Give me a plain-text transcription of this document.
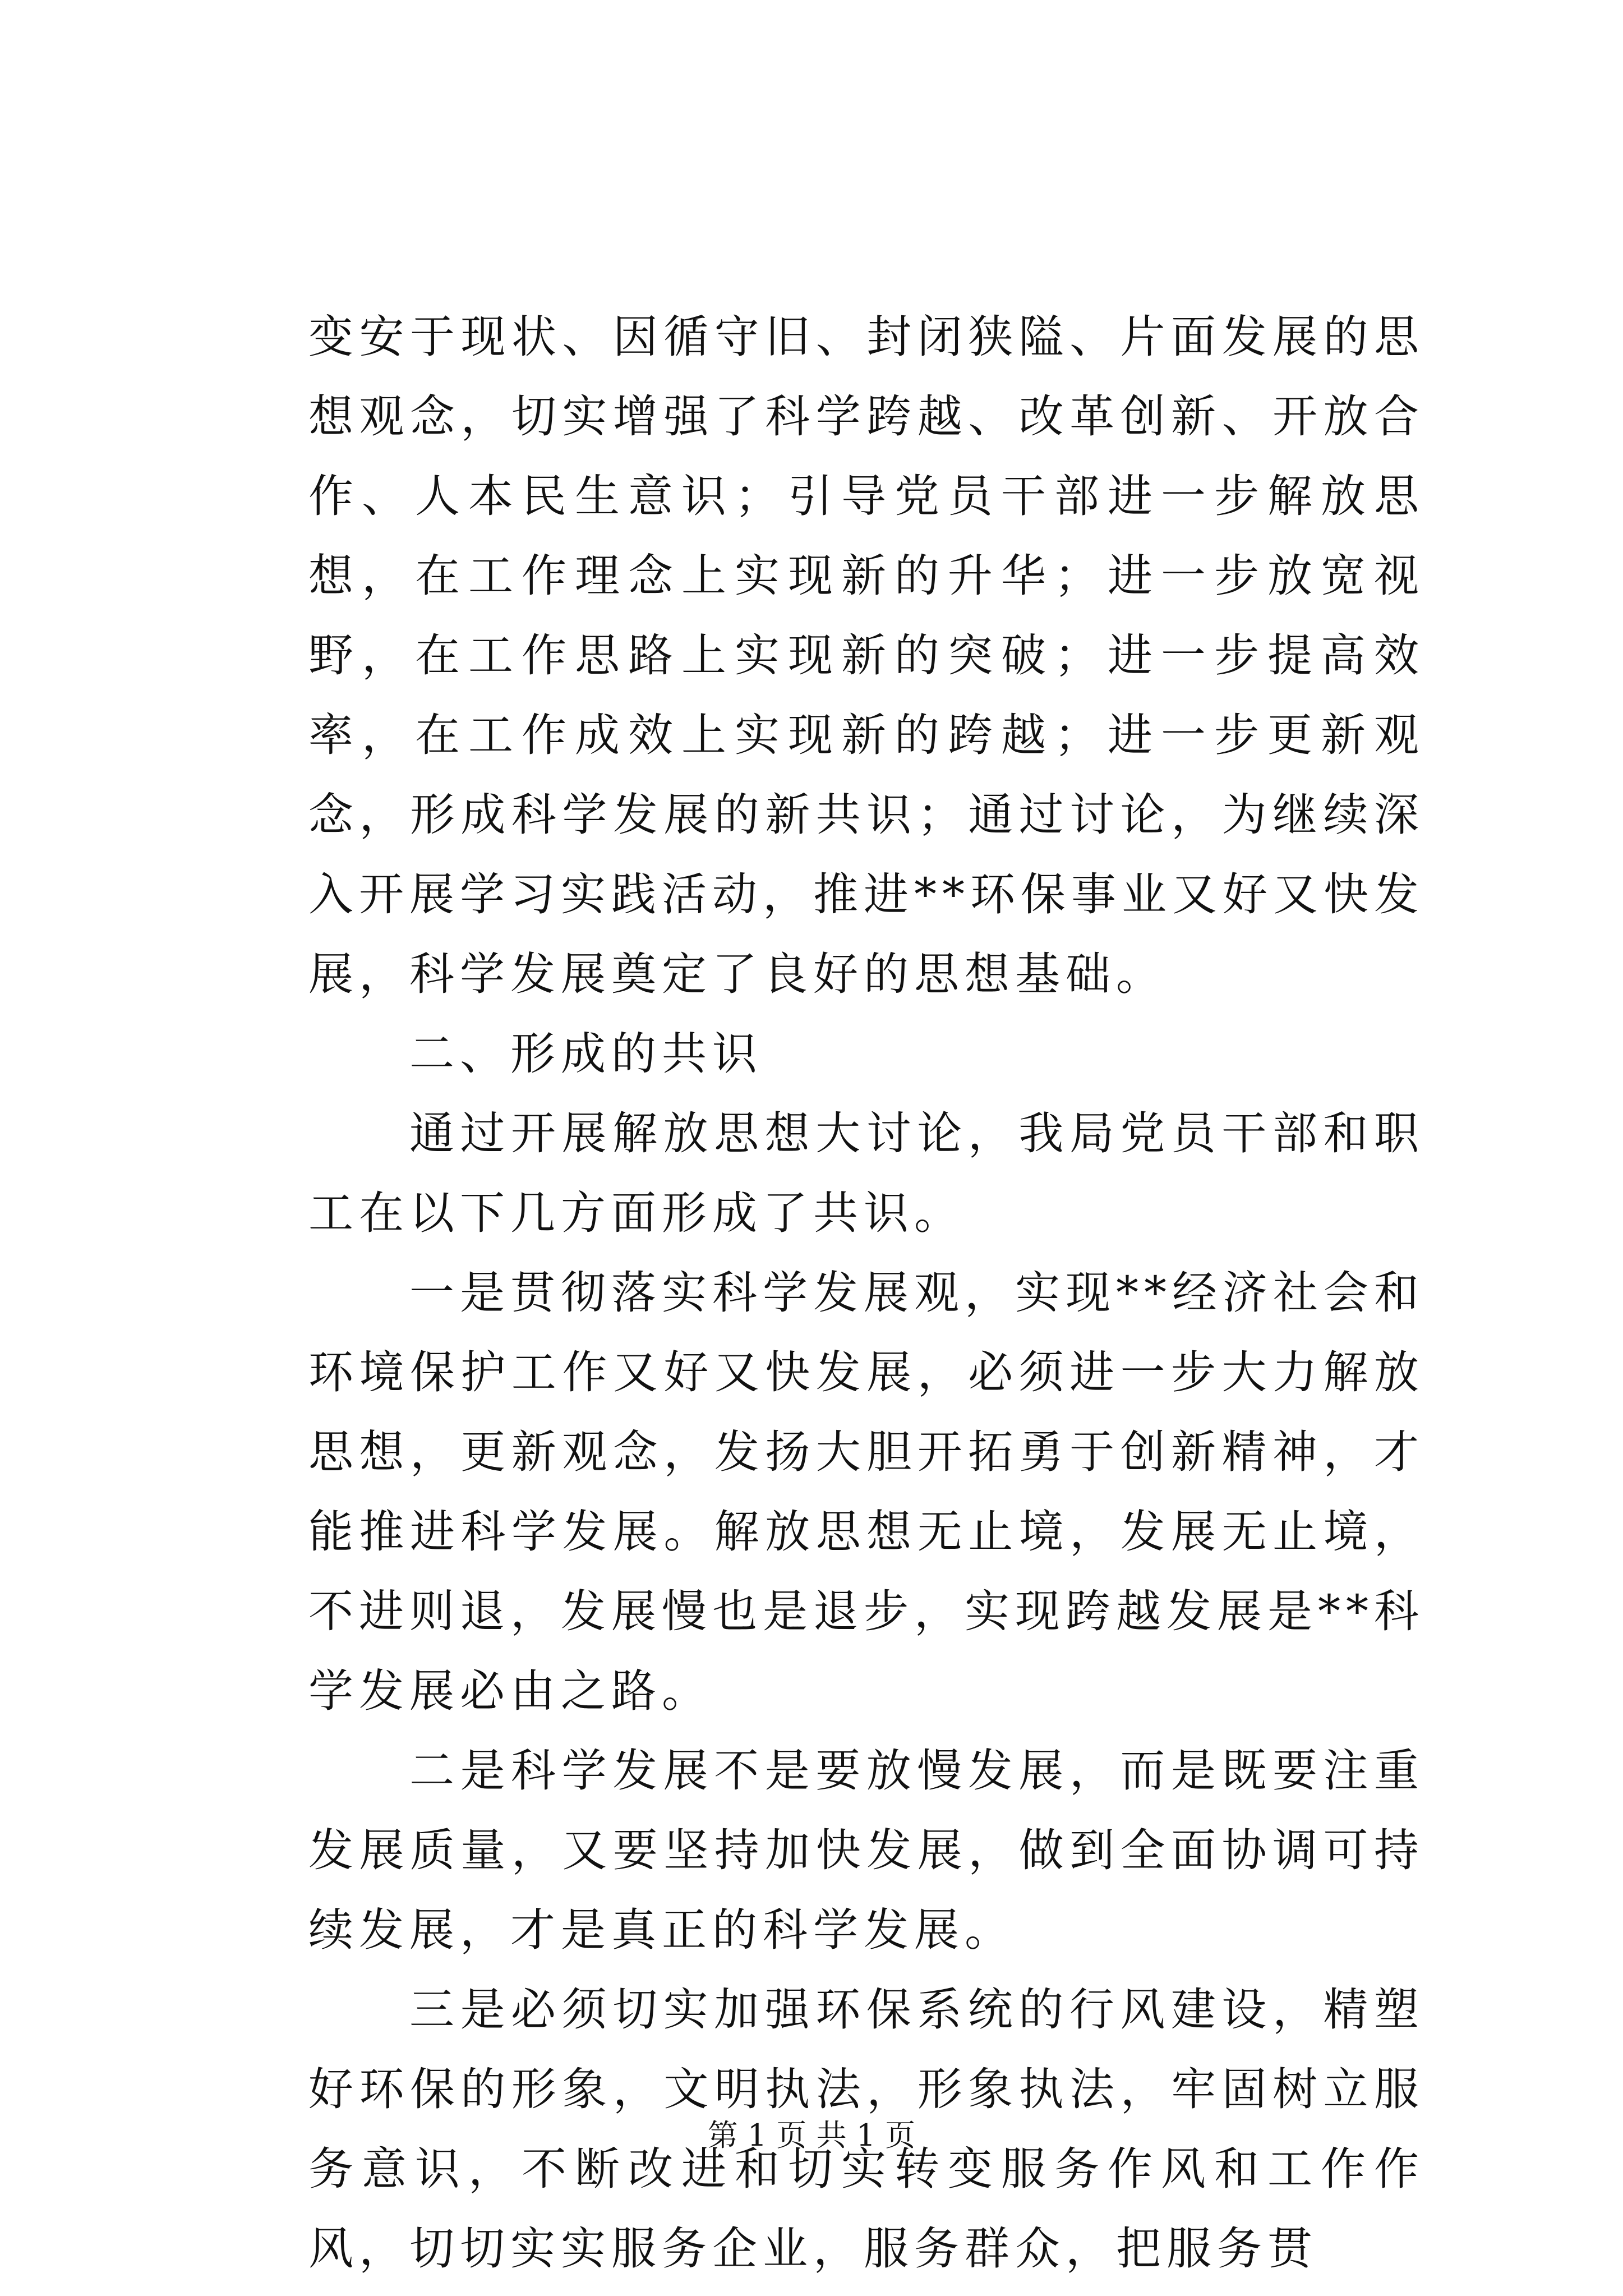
变安于现状、因循守旧、封闭狭隘、片面发展的思想观念，切实增强了科学跨越、改革创新、开放合作、人本民生意识；引导党员干部进一步解放思想，在工作理念上实现新的升华；进一步放宽视野，在工作思路上实现新的突破；进一步提高效率，在工作成效上实现新的跨越；进一步更新观念，形成科学发展的新共识；通过讨论，为继续深入开展学习实践活动，推进**环保事业又好又快发展，科学发展奠定了良好的思想基础。

二、形成的共识

通过开展解放思想大讨论，我局党员干部和职工在以下几方面形成了共识。

一是贯彻落实科学发展观，实现**经济社会和环境保护工作又好又快发展，必须进一步大力解放思想，更新观念，发扬大胆开拓勇于创新精神，才能推进科学发展。解放思想无止境，发展无止境，不进则退，发展慢也是退步，实现跨越发展是**科学发展必由之路。

二是科学发展不是要放慢发展，而是既要注重发展质量，又要坚持加快发展，做到全面协调可持续发展，才是真正的科学发展。

三是必须切实加强环保系统的行风建设，精塑好环保的形象，文明执法，形象执法，牢固树立服务意识，不断改进和切实转变服务作风和工作作风，切切实实服务企业，服务群众，把服务贯

第 1 页 共 1 页
